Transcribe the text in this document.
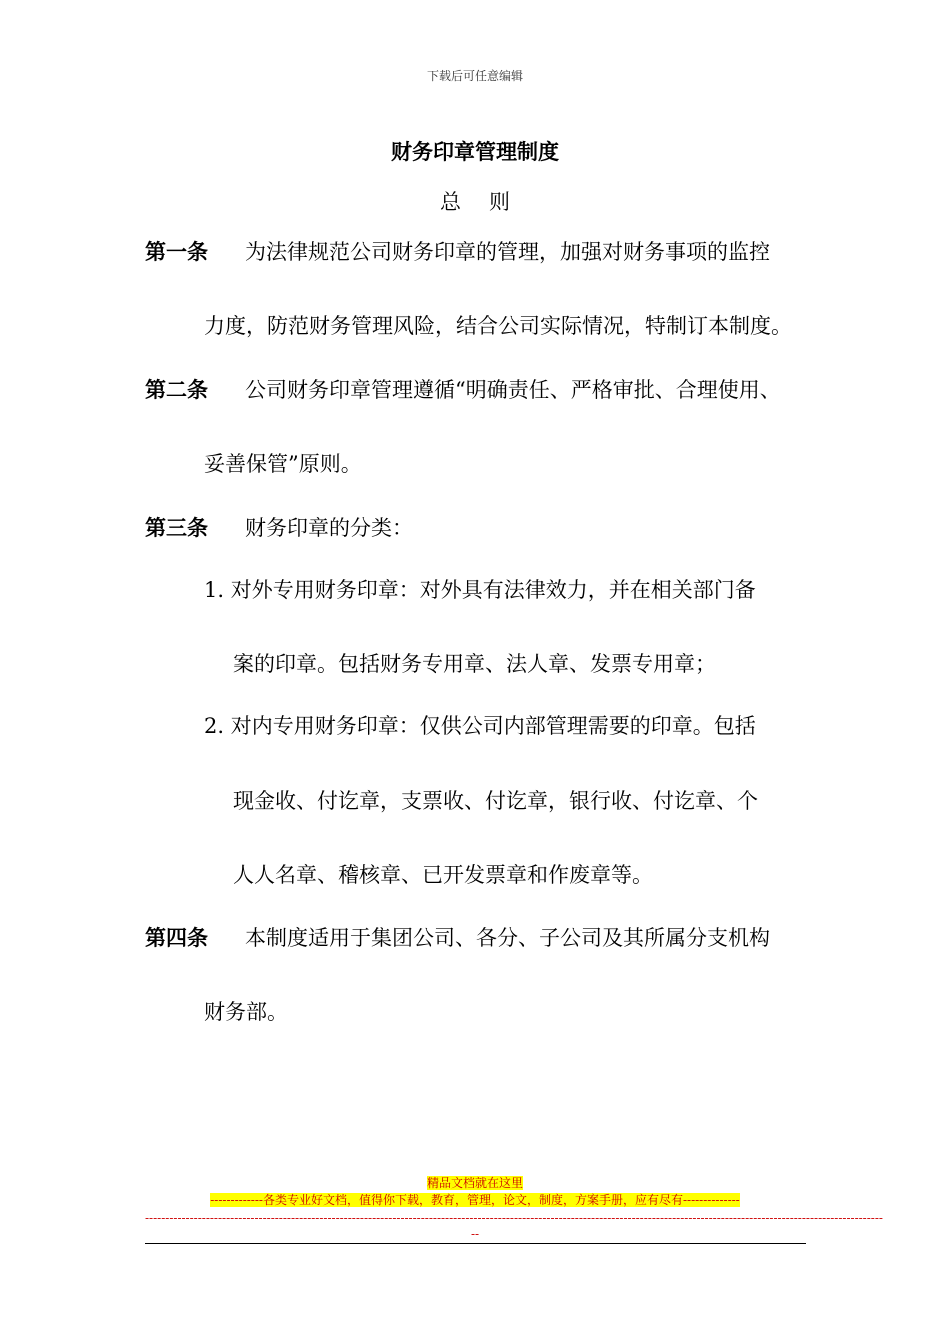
下载后可任意编辑
财务印章管理制度
总则
第一条 为法律规范公司财务印章的管理，加强对财务事项的监控
力度，防范财务管理风险，结合公司实际情况，特制订本制度。
第二条 公司财务印章管理遵循“明确责任、严格审批、合理使用、
妥善保管”原则。
第三条 财务印章的分类：
1. 对外专用财务印章：对外具有法律效力，并在相关部门备
案的印章。包括财务专用章、法人章、发票专用章；
2. 对内专用财务印章：仅供公司内部管理需要的印章。包括
现金收、付讫章，支票收、付讫章，银行收、付讫章、个
人人名章、稽核章、已开发票章和作废章等。
第四条 本制度适用于集团公司、各分、子公司及其所属分支机构
财务部。
精品文档就在这里
-------------各类专业好文档，值得你下载，教育，管理，论文，制度，方案手册，应有尽有--------------
--------------------------------------------------------------------------------------------------------------------------------------------------------------------------------------
--
